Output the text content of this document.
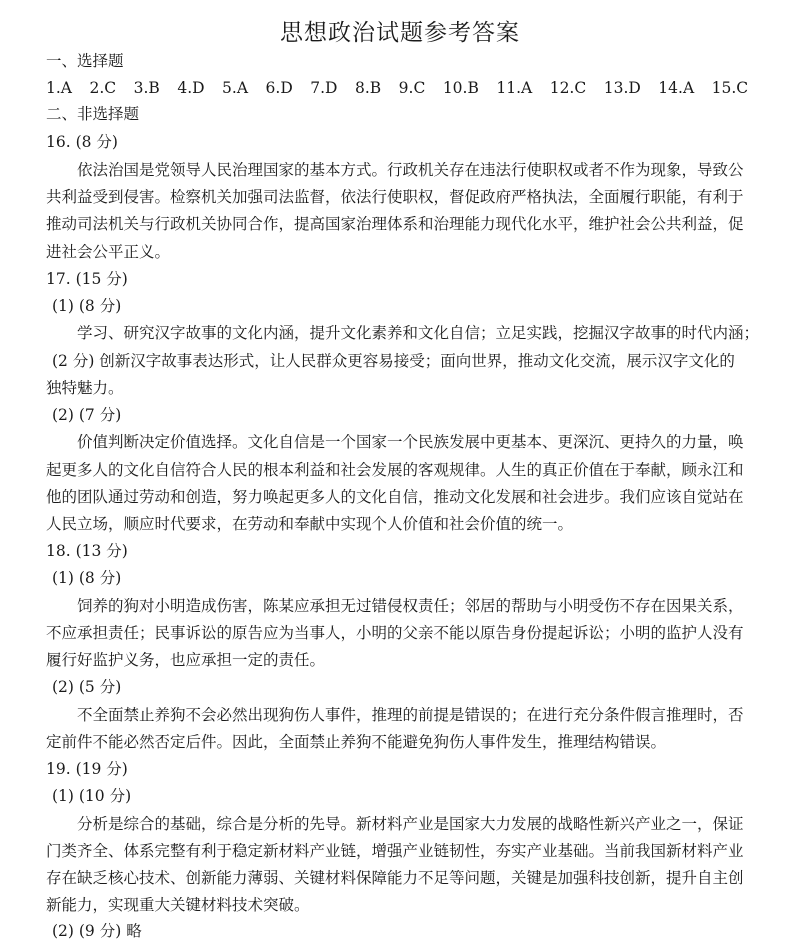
思想政治试题参考答案
一、选择题
1.A 2.C 3.B 4.D 5.A 6.D 7.D 8.B 9.C 10.B 11.A 12.C 13.D 14.A 15.C
二、非选择题
16. (8 分)
依法治国是党领导人民治理国家的基本方式。行政机关存在违法行使职权或者不作为现象，导致公
共利益受到侵害。检察机关加强司法监督，依法行使职权，督促政府严格执法，全面履行职能，有利于
推动司法机关与行政机关协同合作，提高国家治理体系和治理能力现代化水平，维护社会公共利益，促
进社会公平正义。
17. (15 分)
(1) (8 分)
学习、研究汉字故事的文化内涵，提升文化素养和文化自信；立足实践，挖掘汉字故事的时代内涵；
(2 分) 创新汉字故事表达形式，让人民群众更容易接受；面向世界，推动文化交流，展示汉字文化的
独特魅力。
(2) (7 分)
价值判断决定价值选择。文化自信是一个国家一个民族发展中更基本、更深沉、更持久的力量，唤
起更多人的文化自信符合人民的根本利益和社会发展的客观规律。人生的真正价值在于奉献，顾永江和
他的团队通过劳动和创造，努力唤起更多人的文化自信，推动文化发展和社会进步。我们应该自觉站在
人民立场，顺应时代要求，在劳动和奉献中实现个人价值和社会价值的统一。
18. (13 分)
(1) (8 分)
饲养的狗对小明造成伤害，陈某应承担无过错侵权责任；邻居的帮助与小明受伤不存在因果关系，
不应承担责任；民事诉讼的原告应为当事人，小明的父亲不能以原告身份提起诉讼；小明的监护人没有
履行好监护义务，也应承担一定的责任。
(2) (5 分)
不全面禁止养狗不会必然出现狗伤人事件，推理的前提是错误的；在进行充分条件假言推理时，否
定前件不能必然否定后件。因此，全面禁止养狗不能避免狗伤人事件发生，推理结构错误。
19. (19 分)
(1) (10 分)
分析是综合的基础，综合是分析的先导。新材料产业是国家大力发展的战略性新兴产业之一，保证
门类齐全、体系完整有利于稳定新材料产业链，增强产业链韧性，夯实产业基础。当前我国新材料产业
存在缺乏核心技术、创新能力薄弱、关键材料保障能力不足等问题，关键是加强科技创新，提升自主创
新能力，实现重大关键材料技术突破。
(2) (9 分) 略
